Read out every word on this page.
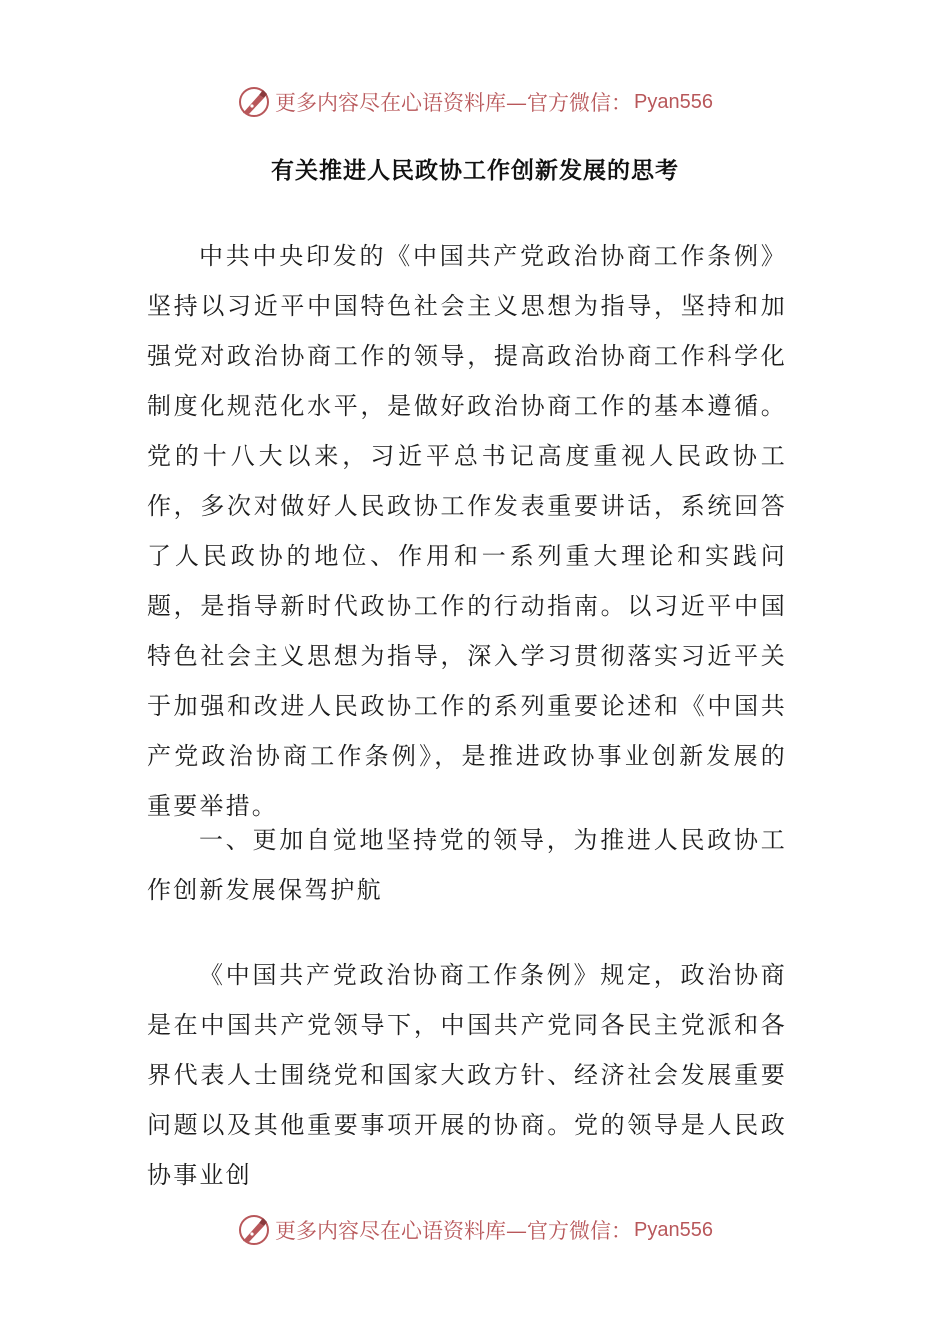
更多内容尽在心语资料库—官方微信： Pyan556
有关推进人民政协工作创新发展的思考

中共中央印发的《中国共产党政治协商工作条例》坚持以习近平中国特色社会主义思想为指导，坚持和加强党对政治协商工作的领导，提高政治协商工作科学化制度化规范化水平，是做好政治协商工作的基本遵循。党的十八大以来，习近平总书记高度重视人民政协工作，多次对做好人民政协工作发表重要讲话，系统回答了人民政协的地位、作用和一系列重大理论和实践问题，是指导新时代政协工作的行动指南。以习近平中国特色社会主义思想为指导，深入学习贯彻落实习近平关于加强和改进人民政协工作的系列重要论述和《中国共产党政治协商工作条例》，是推进政协事业创新发展的重要举措。

一、更加自觉地坚持党的领导，为推进人民政协工作创新发展保驾护航

《中国共产党政治协商工作条例》规定，政治协商是在中国共产党领导下，中国共产党同各民主党派和各界代表人士围绕党和国家大政方针、经济社会发展重要问题以及其他重要事项开展的协商。党的领导是人民政协事业创

更多内容尽在心语资料库—官方微信： Pyan556
